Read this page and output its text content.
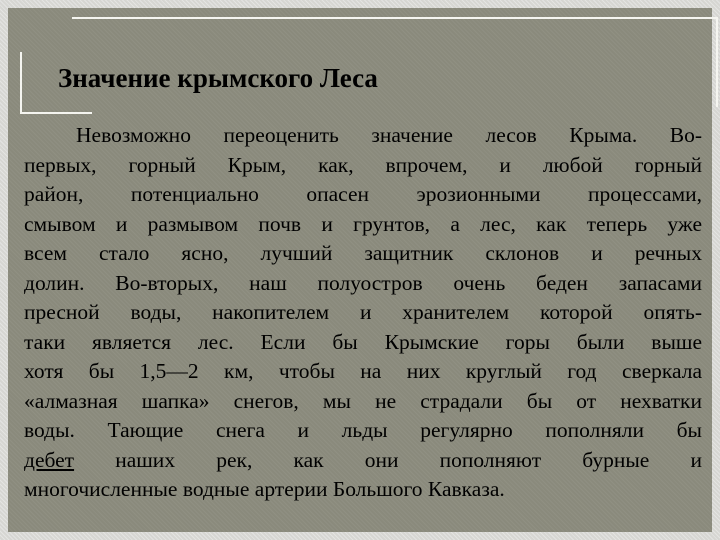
Значение крымского Леса
Невозможно переоценить значение лесов Крыма. Во-
первых, горный Крым, как, впрочем, и любой горный
район, потенциально опасен эрозионными процессами,
смывом и размывом почв и грунтов, а лес, как теперь уже
всем стало ясно, лучший защитник склонов и речных
долин. Во-вторых, наш полуостров очень беден запасами
пресной воды, накопителем и хранителем которой опять-
таки является лес. Если бы Крымские горы были выше
хотя бы 1,5—2 км, чтобы на них круглый год сверкала
«алмазная шапка» снегов, мы не страдали бы от нехватки
воды. Тающие снега и льды регулярно пополняли бы
дебет нашиx рек, как они пополняют бурные и
многочисленные водные артерии Большого Кавказа.
